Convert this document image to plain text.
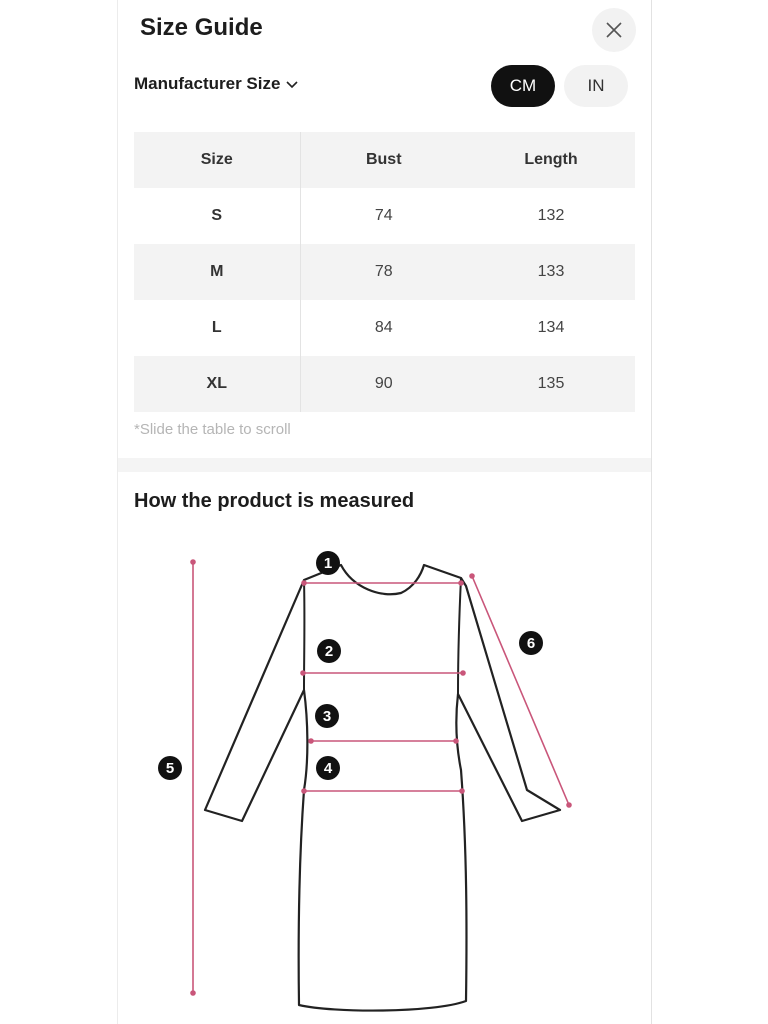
Size Guide
Manufacturer Size	CM	IN
Size	Bust	Length
S	74	132
M	78	133
L	84	134
XL	90	135
*Slide the table to scroll
How the product is measured
1
2
3
4
5
6
